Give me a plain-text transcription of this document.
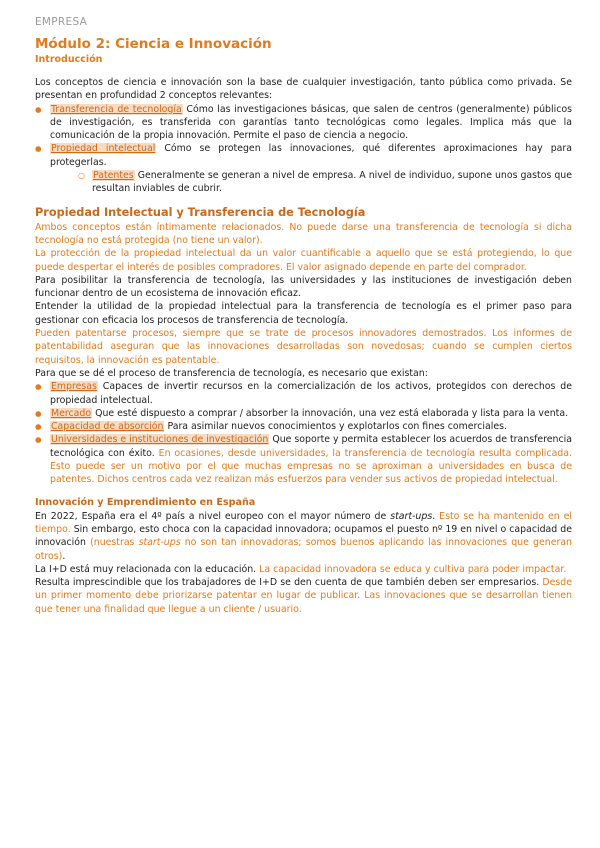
EMPRESA
Módulo 2: Ciencia e Innovación
Introducción

Los conceptos de ciencia e innovación son la base de cualquier investigación, tanto pública como privada. Se presentan en profundidad 2 conceptos relevantes:

● Transferencia de tecnología Cómo las investigaciones básicas, que salen de centros (generalmente) públicos de investigación, es transferida con garantías tanto tecnológicas como legales. Implica más que la comunicación de la propia innovación. Permite el paso de ciencia a negocio.
● Propiedad intelectual Cómo se protegen las innovaciones, qué diferentes aproximaciones hay para protegerlas.
○ Patentes Generalmente se generan a nivel de empresa. A nivel de individuo, supone unos gastos que resultan inviables de cubrir.
Propiedad Intelectual y Transferencia de Tecnología

Ambos conceptos están íntimamente relacionados. No puede darse una transferencia de tecnología si dicha tecnología no está protegida (no tiene un valor).

La protección de la propiedad intelectual da un valor cuantificable a aquello que se está protegiendo, lo que puede despertar el interés de posibles compradores. El valor asignado depende en parte del comprador.

Para posibilitar la transferencia de tecnología, las universidades y las instituciones de investigación deben funcionar dentro de un ecosistema de innovación eficaz.

Entender la utilidad de la propiedad intelectual para la transferencia de tecnología es el primer paso para gestionar con eficacia los procesos de transferencia de tecnología.

Pueden patentarse procesos, siempre que se trate de procesos innovadores demostrados. Los informes de patentabilidad aseguran que las innovaciones desarrolladas son novedosas; cuando se cumplen ciertos requisitos, la innovación es patentable.

Para que se dé el proceso de transferencia de tecnología, es necesario que existan:

● Empresas Capaces de invertir recursos en la comercialización de los activos, protegidos con derechos de propiedad intelectual.
● Mercado Que esté dispuesto a comprar / absorber la innovación, una vez está elaborada y lista para la venta.
● Capacidad de absorción Para asimilar nuevos conocimientos y explotarlos con fines comerciales.
● Universidades e instituciones de investigación Que soporte y permita establecer los acuerdos de transferencia tecnológica con éxito. En ocasiones, desde universidades, la transferencia de tecnología resulta complicada. Esto puede ser un motivo por el que muchas empresas no se aproximan a universidades en busca de patentes. Dichos centros cada vez realizan más esfuerzos para vender sus activos de propiedad intelectual.
Innovación y Emprendimiento en España

En 2022, España era el 4º país a nivel europeo con el mayor número de start-ups. Esto se ha mantenido en el tiempo. Sin embargo, esto choca con la capacidad innovadora; ocupamos el puesto nº 19 en nivel o capacidad de innovación (nuestras start-ups no son tan innovadoras; somos buenos aplicando las innovaciones que generan otros).

La I+D está muy relacionada con la educación. La capacidad innovadora se educa y cultiva para poder impactar.

Resulta imprescindible que los trabajadores de I+D se den cuenta de que también deben ser empresarios. Desde un primer momento debe priorizarse patentar en lugar de publicar. Las innovaciones que se desarrollan tienen que tener una finalidad que llegue a un cliente / usuario.
